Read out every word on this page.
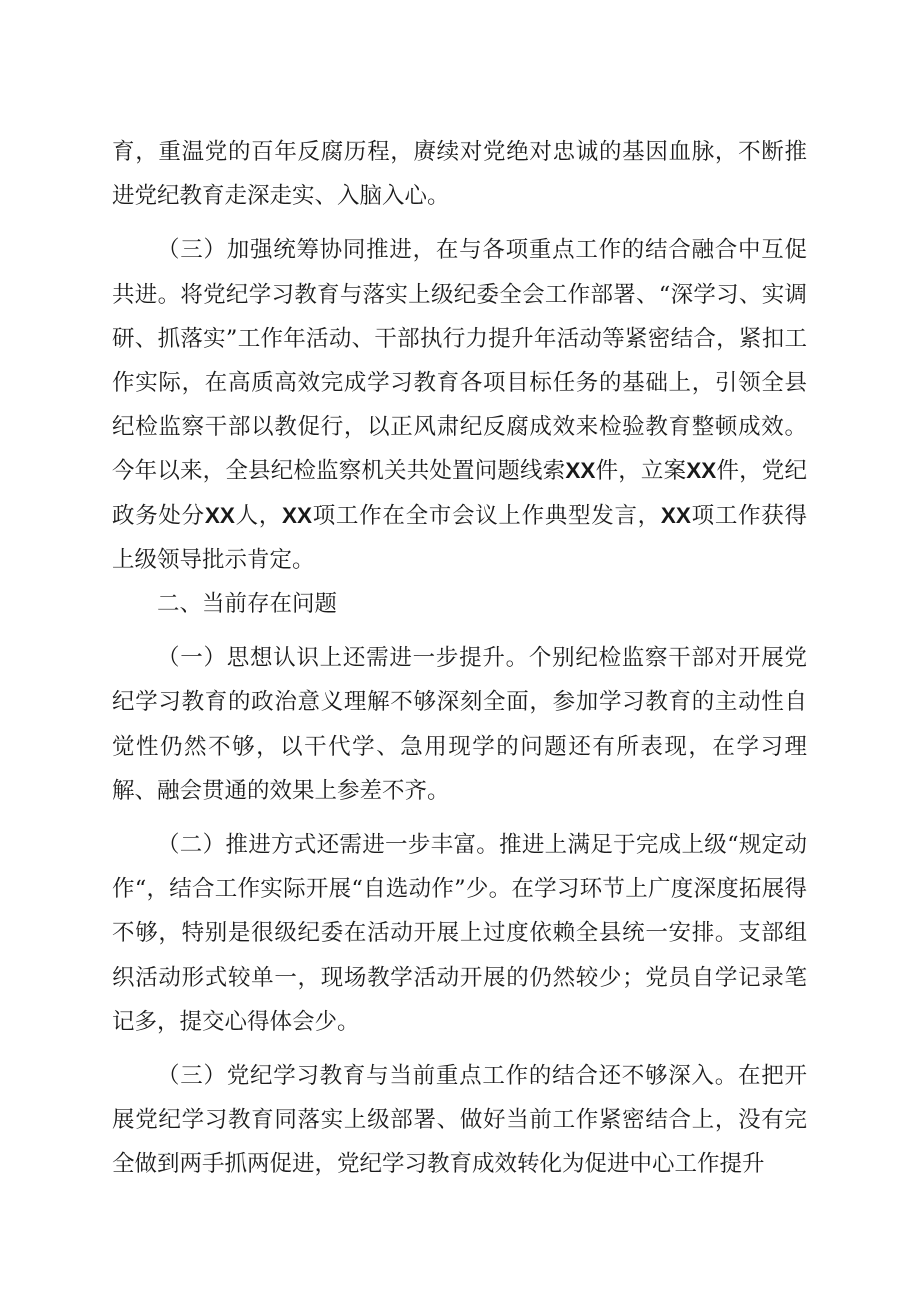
育，重温党的百年反腐历程，赓续对党绝对忠诚的基因血脉，不断推进党纪教育走深走实、入脑入心。

（三）加强统筹协同推进，在与各项重点工作的结合融合中互促共进。将党纪学习教育与落实上级纪委全会工作部署、“深学习、实调研、抓落实”工作年活动、干部执行力提升年活动等紧密结合，紧扣工作实际，在高质高效完成学习教育各项目标任务的基础上，引领全县纪检监察干部以教促行，以正风肃纪反腐成效来检验教育整顿成效。今年以来，全县纪检监察机关共处置问题线索XX件，立案XX件，党纪政务处分XX人，XX项工作在全市会议上作典型发言，XX项工作获得上级领导批示肯定。

二、当前存在问题

（一）思想认识上还需进一步提升。个别纪检监察干部对开展党纪学习教育的政治意义理解不够深刻全面，参加学习教育的主动性自觉性仍然不够，以干代学、急用现学的问题还有所表现，在学习理解、融会贯通的效果上参差不齐。

（二）推进方式还需进一步丰富。推进上满足于完成上级“规定动作“，结合工作实际开展“自选动作”少。在学习环节上广度深度拓展得不够，特别是很级纪委在活动开展上过度依赖全县统一安排。支部组织活动形式较单一，现场教学活动开展的仍然较少；党员自学记录笔记多，提交心得体会少。

（三）党纪学习教育与当前重点工作的结合还不够深入。在把开展党纪学习教育同落实上级部署、做好当前工作紧密结合上，没有完全做到两手抓两促进，党纪学习教育成效转化为促进中心工作提升
